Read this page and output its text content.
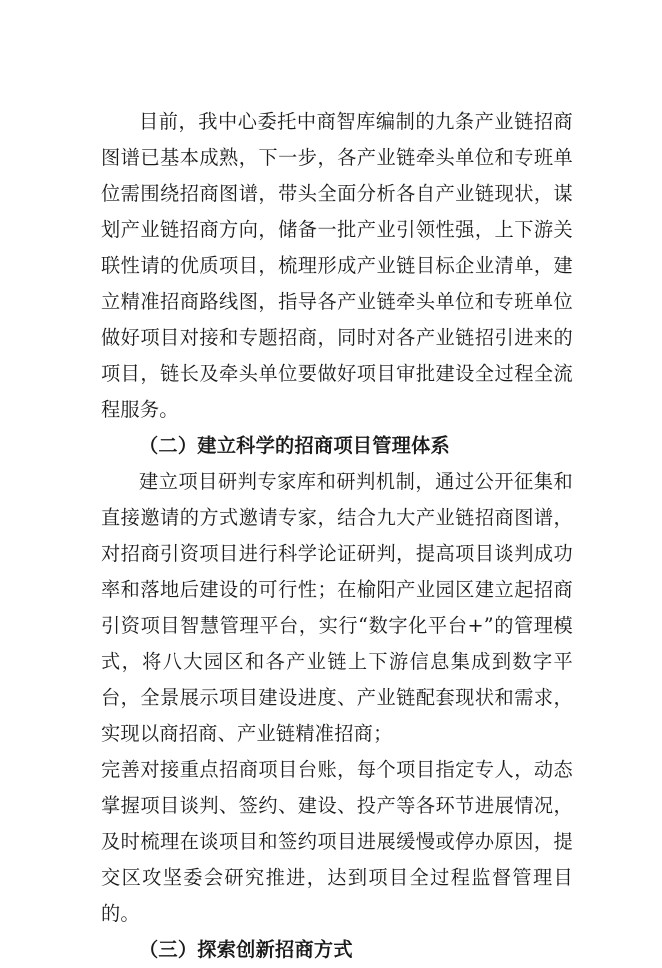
目前，我中心委托中商智库编制的九条产业链招商图谱已基本成熟，下一步，各产业链牵头单位和专班单位需围绕招商图谱，带头全面分析各自产业链现状，谋划产业链招商方向，储备一批产业引领性强，上下游关联性请的优质项目，梳理形成产业链目标企业清单，建立精准招商路线图，指导各产业链牵头单位和专班单位做好项目对接和专题招商，同时对各产业链招引进来的项目，链长及牵头单位要做好项目审批建设全过程全流程服务。

（二）建立科学的招商项目管理体系

建立项目研判专家库和研判机制，通过公开征集和直接邀请的方式邀请专家，结合九大产业链招商图谱，对招商引资项目进行科学论证研判，提高项目谈判成功率和落地后建设的可行性；在榆阳产业园区建立起招商引资项目智慧管理平台，实行“数字化平台+”的管理模式，将八大园区和各产业链上下游信息集成到数字平台，全景展示项目建设进度、产业链配套现状和需求，实现以商招商、产业链精准招商；

完善对接重点招商项目台账，每个项目指定专人，动态掌握项目谈判、签约、建设、投产等各环节进展情况，及时梳理在谈项目和签约项目进展缓慢或停办原因，提交区攻坚委会研究推进，达到项目全过程监督管理目的。

（三）探索创新招商方式
